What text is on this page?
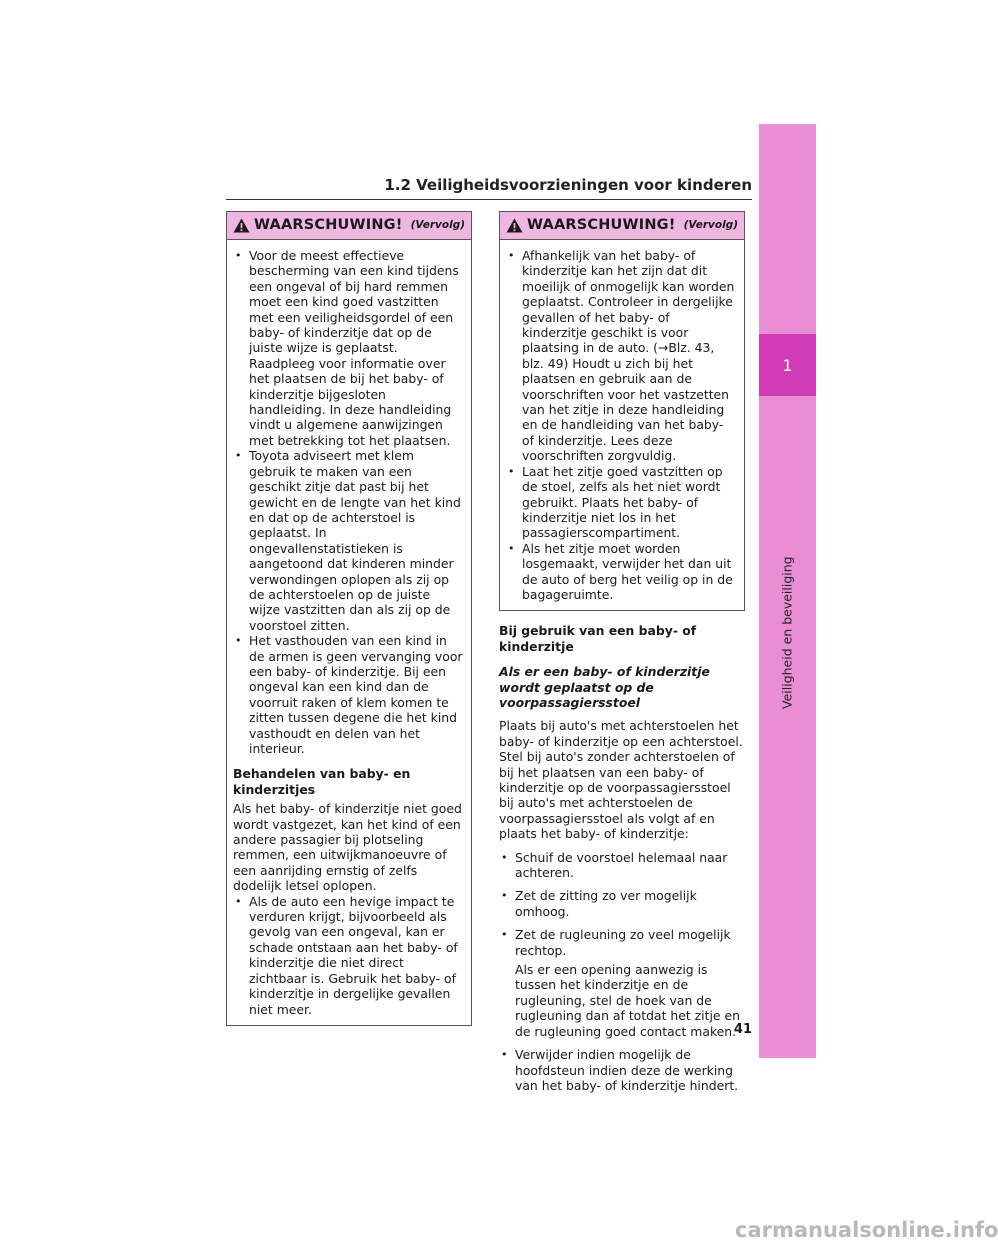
1.2 Veiligheidsvoorzieningen voor kinderen
1
Veiligheid en beveiliging
WAARSCHUWING! (Vervolg)
• Voor de meest effectieve bescherming van een kind tijdens een ongeval of bij hard remmen moet een kind goed vastzitten met een veiligheidsgordel of een baby- of kinderzitje dat op de juiste wijze is geplaatst. Raadpleeg voor informatie over het plaatsen de bij het baby- of kinderzitje bijgesloten handleiding. In deze handleiding vindt u algemene aanwijzingen met betrekking tot het plaatsen.
• Toyota adviseert met klem gebruik te maken van een geschikt zitje dat past bij het gewicht en de lengte van het kind en dat op de achterstoel is geplaatst. In ongevallenstatistieken is aangetoond dat kinderen minder verwondingen oplopen als zij op de achterstoelen op de juiste wijze vastzitten dan als zij op de voorstoel zitten.
• Het vasthouden van een kind in de armen is geen vervanging voor een baby- of kinderzitje. Bij een ongeval kan een kind dan de voorruit raken of klem komen te zitten tussen degene die het kind vasthoudt en delen van het interieur.
Behandelen van baby- en kinderzitjes

Als het baby- of kinderzitje niet goed wordt vastgezet, kan het kind of een andere passagier bij plotseling remmen, een uitwijkmanoeuvre of een aanrijding ernstig of zelfs dodelijk letsel oplopen.

• Als de auto een hevige impact te verduren krijgt, bijvoorbeeld als gevolg van een ongeval, kan er schade ontstaan aan het baby- of kinderzitje die niet direct zichtbaar is. Gebruik het baby- of kinderzitje in dergelijke gevallen niet meer.
WAARSCHUWING! (Vervolg)
• Afhankelijk van het baby- of kinderzitje kan het zijn dat dit moeilijk of onmogelijk kan worden geplaatst. Controleer in dergelijke gevallen of het baby- of kinderzitje geschikt is voor plaatsing in de auto. (→Blz. 43, blz. 49) Houdt u zich bij het plaatsen en gebruik aan de voorschriften voor het vastzetten van het zitje in deze handleiding en de handleiding van het baby- of kinderzitje. Lees deze voorschriften zorgvuldig.
• Laat het zitje goed vastzitten op de stoel, zelfs als het niet wordt gebruikt. Plaats het baby- of kinderzitje niet los in het passagierscompartiment.
• Als het zitje moet worden losgemaakt, verwijder het dan uit de auto of berg het veilig op in de bagageruimte.
Bij gebruik van een baby- of kinderzitje
Als er een baby- of kinderzitje wordt geplaatst op de voorpassagiersstoel

Plaats bij auto's met achterstoelen het baby- of kinderzitje op een achterstoel. Stel bij auto's zonder achterstoelen of bij het plaatsen van een baby- of kinderzitje op de voorpassagiersstoel bij auto's met achterstoelen de voorpassagiersstoel als volgt af en plaats het baby- of kinderzitje:

• Schuif de voorstoel helemaal naar achteren.
• Zet de zitting zo ver mogelijk omhoog.
• Zet de rugleuning zo veel mogelijk rechtop.
Als er een opening aanwezig is tussen het kinderzitje en de rugleuning, stel de hoek van de rugleuning dan af totdat het zitje en de rugleuning goed contact maken.
• Verwijder indien mogelijk de hoofdsteun indien deze de werking van het baby- of kinderzitje hindert.
41
carmanualsonline.info
